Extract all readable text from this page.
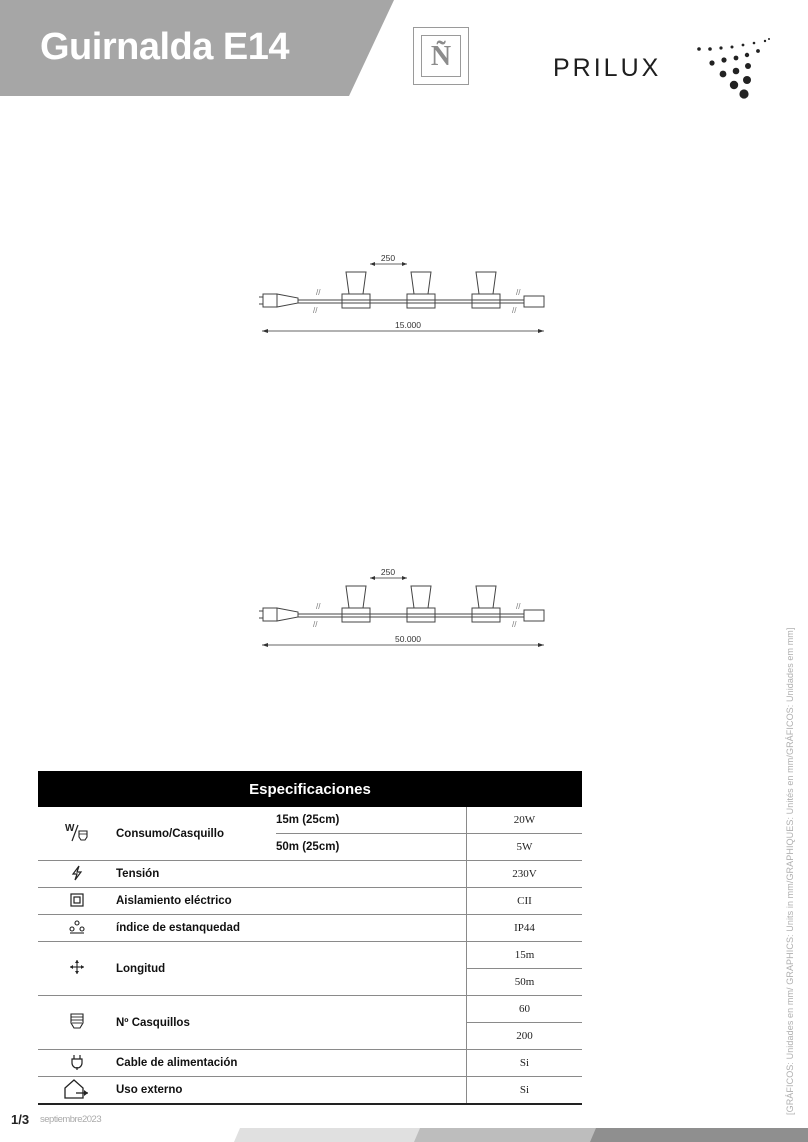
Guirnalda E14	Ñ	PRILUX
//
//
//
//
250
15.000
//
//
//
//
250
50.000
Especificaciones
W	Consumo/Casquillo	15m (25cm)	20W
		50m (25cm)	5W
	Tensión		230V
	Aislamiento eléctrico		CII
	índice de estanquedad		IP44
	Longitud		15m
			50m
	Nº Casquillos		60
			200
	Cable de alimentación		Si
	Uso externo		Si	[GRÁFICOS: Unidades en mm/ GRAPHICS: Units in mm/GRAPHIQUES: Unités en mm/GRÁFICOS: Unidades em mm]
1/3 septiembre2023
